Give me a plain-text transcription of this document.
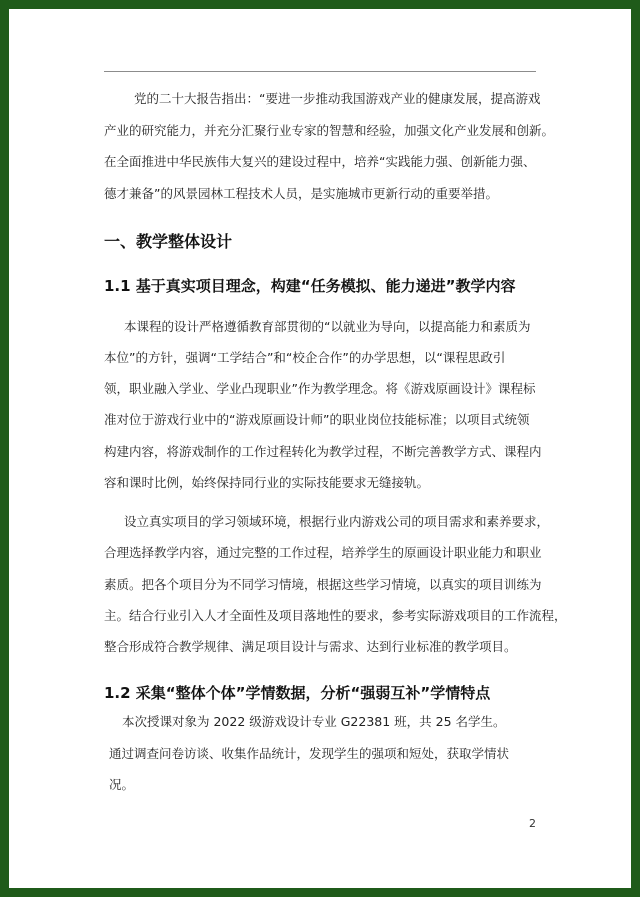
党的二十大报告指出：“要进一步推动我国游戏产业的健康发展，提高游戏
产业的研究能力，并充分汇聚行业专家的智慧和经验，加强文化产业发展和创新。
在全面推进中华民族伟大复兴的建设过程中，培养“实践能力强、创新能力强、
德才兼备”的风景园林工程技术人员，是实施城市更新行动的重要举措。
一、教学整体设计
1.1 基于真实项目理念，构建“任务模拟、能力递进”教学内容
本课程的设计严格遵循教育部贯彻的“以就业为导向，以提高能力和素质为
本位”的方针，强调“工学结合”和“校企合作”的办学思想，以“课程思政引
领，职业融入学业、学业凸现职业”作为教学理念。将《游戏原画设计》课程标
准对位于游戏行业中的“游戏原画设计师”的职业岗位技能标准；以项目式统领
构建内容，将游戏制作的工作过程转化为教学过程，不断完善教学方式、课程内
容和课时比例，始终保持同行业的实际技能要求无缝接轨。
设立真实项目的学习领域环境，根据行业内游戏公司的项目需求和素养要求，
合理选择教学内容，通过完整的工作过程，培养学生的原画设计职业能力和职业
素质。把各个项目分为不同学习情境，根据这些学习情境，以真实的项目训练为
主。结合行业引入人才全面性及项目落地性的要求，参考实际游戏项目的工作流程，
整合形成符合教学规律、满足项目设计与需求、达到行业标准的教学项目。
1.2 采集“整体个体”学情数据，分析“强弱互补”学情特点
本次授课对象为 2022 级游戏设计专业 G22381 班，共 25 名学生。
通过调查问卷访谈、收集作品统计，发现学生的强项和短处，获取学情状
况。
2
